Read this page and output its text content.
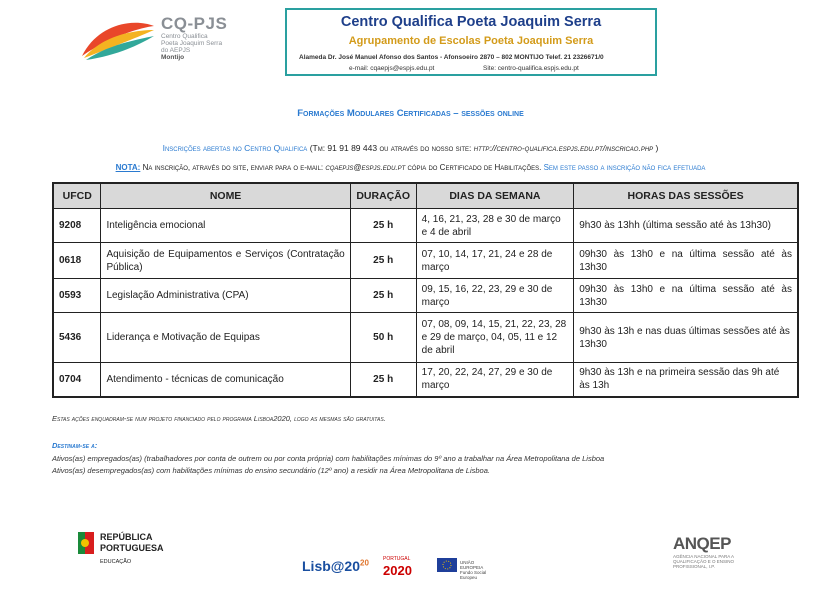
CQ-PJS
Centro Qualifica
Poeta Joaquim Serra
do AEPJS
Montijo
Centro Qualifica Poeta Joaquim Serra
Agrupamento de Escolas Poeta Joaquim Serra
Alameda Dr. José Manuel Afonso dos Santos - Afonsoeiro 2870 – 802 MONTIJO Telef. 21 2326671/0
e-mail: cqaepjs@espjs.edu.pt	Site: centro-qualifica.espjs.edu.pt
Formações Modulares Certificadas – sessões online
Inscrições abertas no Centro Qualifica (Tm: 91 91 89 443 ou através do nosso site: http://centro-qualifica.espjs.edu.pt/inscricao.php )
NOTA: Na inscrição, através do site, enviar para o e-mail: cqaepjs@espjs.edu.pt cópia do Certificado de Habilitações. Sem este passo a inscrição não fica efetuada
UFCD	NOME	DURAÇÃO	DIAS DA SEMANA	HORAS DAS SESSÕES
9208	Inteligência emocional	25 h	4, 16, 21, 23, 28 e 30 de março e 4 de abril	9h30 às 13hh (última sessão até às 13h30)
0618	Aquisição de Equipamentos e Serviços (Contratação Pública)	25 h	07, 10, 14, 17, 21, 24 e 28 de março	09h30 às 13h0 e na última sessão até às 13h30
0593	Legislação Administrativa (CPA)	25 h	09, 15, 16, 22, 23, 29 e 30 de março	09h30 às 13h0 e na última sessão até às 13h30
5436	Liderança e Motivação de Equipas	50 h	07, 08, 09, 14, 15, 21, 22, 23, 28 e 29 de março, 04, 05, 11 e 12 de abril	9h30 às 13h e nas duas últimas sessões até às 13h30
0704	Atendimento - técnicas de comunicação	25 h	17, 20, 22, 24, 27, 29 e 30 de março	9h30 às 13h e na primeira sessão das 9h até às 13h
Estas ações enquadram-se num projeto financiado pelo programa Lisboa2020, logo as mesmas são gratuitas.
Destinam-se a:
Ativos(as) empregados(as) (trabalhadores por conta de outrem ou por conta própria) com habilitações mínimas do 9º ano a trabalhar na Área Metropolitana de Lisboa
Ativos(as) desempregados(as) com habilitações mínimas do ensino secundário (12º ano) a residir na Área Metropolitana de Lisboa.
REPÚBLICA
PORTUGUESA
EDUCAÇÃO	$Lisb@20^{20}$	PORTUGAL
2020
UNIÃO EUROPEIA Fundo Social Europeu
ANQEP
AGÊNCIA NACIONAL PARA A QUALIFICAÇÃO E O ENSINO PROFISSIONAL, I.P.
